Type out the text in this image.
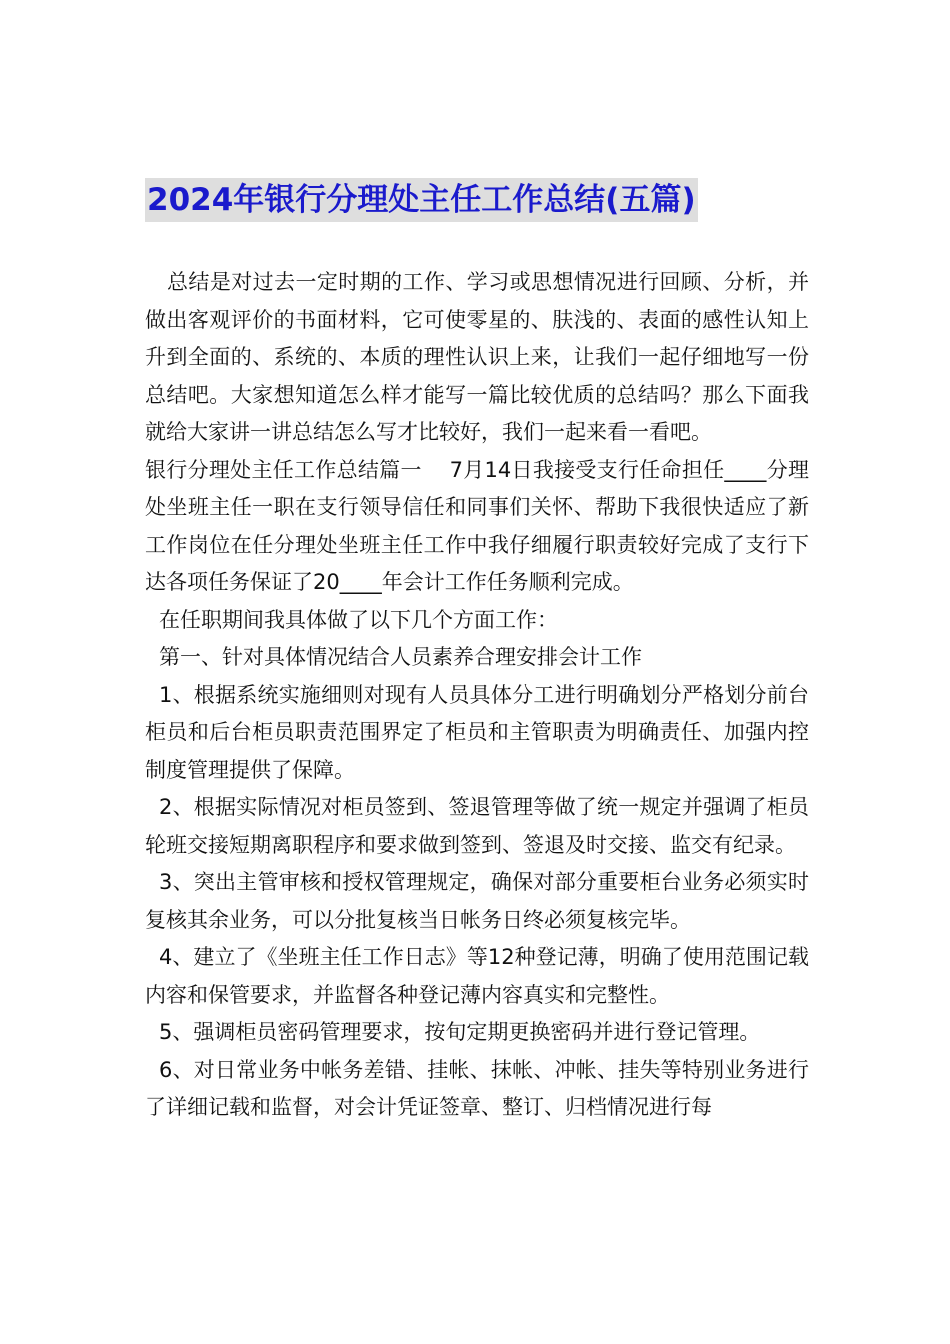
2024年银行分理处主任工作总结(五篇)

总结是对过去一定时期的工作、学习或思想情况进行回顾、分析，并做出客观评价的书面材料，它可使零星的、肤浅的、表面的感性认知上升到全面的、系统的、本质的理性认识上来，让我们一起仔细地写一份总结吧。大家想知道怎么样才能写一篇比较优质的总结吗？那么下面我就给大家讲一讲总结怎么写才比较好，我们一起来看一看吧。

银行分理处主任工作总结篇一    7月14日我接受支行任命担任____分理处坐班主任一职在支行领导信任和同事们关怀、帮助下我很快适应了新工作岗位在任分理处坐班主任工作中我仔细履行职责较好完成了支行下达各项任务保证了20____年会计工作任务顺利完成。

在任职期间我具体做了以下几个方面工作：

第一、针对具体情况结合人员素养合理安排会计工作

1、根据系统实施细则对现有人员具体分工进行明确划分严格划分前台柜员和后台柜员职责范围界定了柜员和主管职责为明确责任、加强内控制度管理提供了保障。

2、根据实际情况对柜员签到、签退管理等做了统一规定并强调了柜员轮班交接短期离职程序和要求做到签到、签退及时交接、监交有纪录。

3、突出主管审核和授权管理规定，确保对部分重要柜台业务必须实时复核其余业务，可以分批复核当日帐务日终必须复核完毕。

4、建立了《坐班主任工作日志》等12种登记薄，明确了使用范围记载内容和保管要求，并监督各种登记薄内容真实和完整性。

5、强调柜员密码管理要求，按旬定期更换密码并进行登记管理。

6、对日常业务中帐务差错、挂帐、抹帐、冲帐、挂失等特别业务进行了详细记载和监督，对会计凭证签章、整订、归档情况进行每
